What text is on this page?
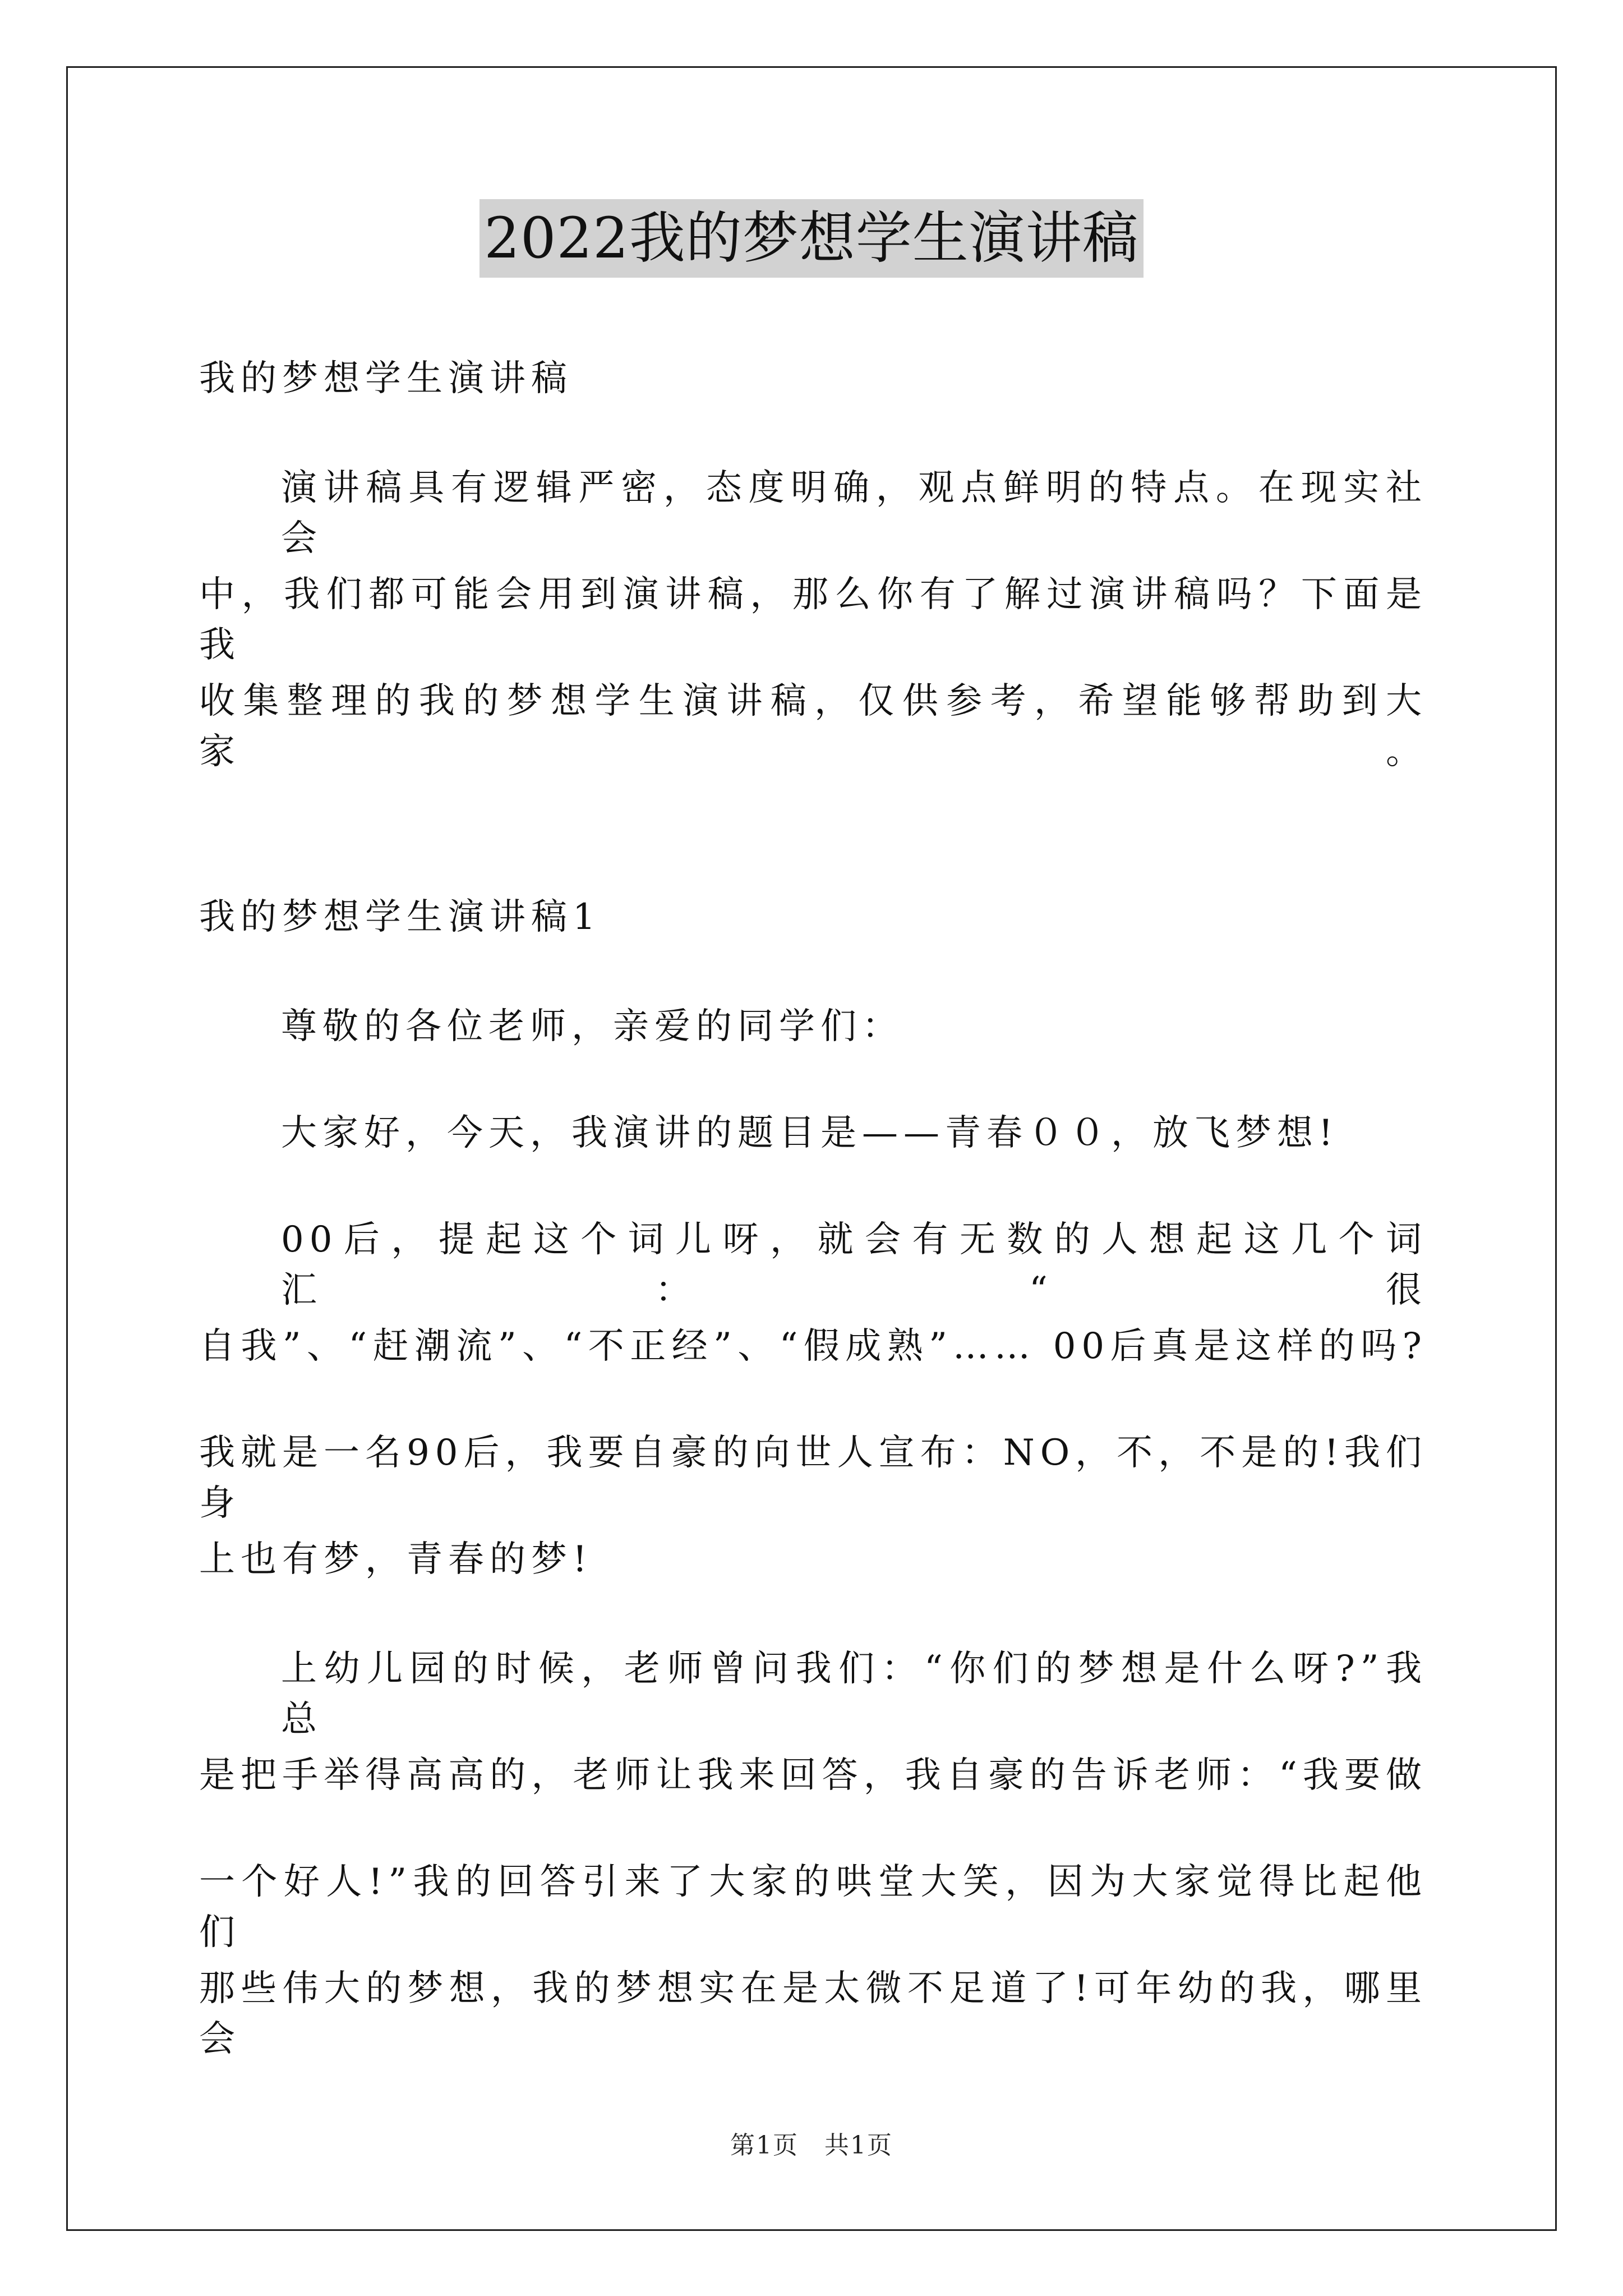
2022我的梦想学生演讲稿
我的梦想学生演讲稿
演讲稿具有逻辑严密，态度明确，观点鲜明的特点。在现实社会
中，我们都可能会用到演讲稿，那么你有了解过演讲稿吗？下面是我
收集整理的我的梦想学生演讲稿，仅供参考，希望能够帮助到大家。
我的梦想学生演讲稿1
尊敬的各位老师，亲爱的同学们：
大家好，今天，我演讲的题目是——青春００，放飞梦想!
00后，提起这个词儿呀，就会有无数的人想起这几个词汇：“很
自我”、“赶潮流”、“不正经”、“假成熟”…… 00后真是这样的吗?
我就是一名90后，我要自豪的向世人宣布：NO，不，不是的!我们身
上也有梦，青春的梦!
上幼儿园的时候，老师曾问我们：“你们的梦想是什么呀?”我总
是把手举得高高的，老师让我来回答，我自豪的告诉老师：“我要做
一个好人!”我的回答引来了大家的哄堂大笑，因为大家觉得比起他们
那些伟大的梦想，我的梦想实在是太微不足道了!可年幼的我，哪里会
第1页　共1页
